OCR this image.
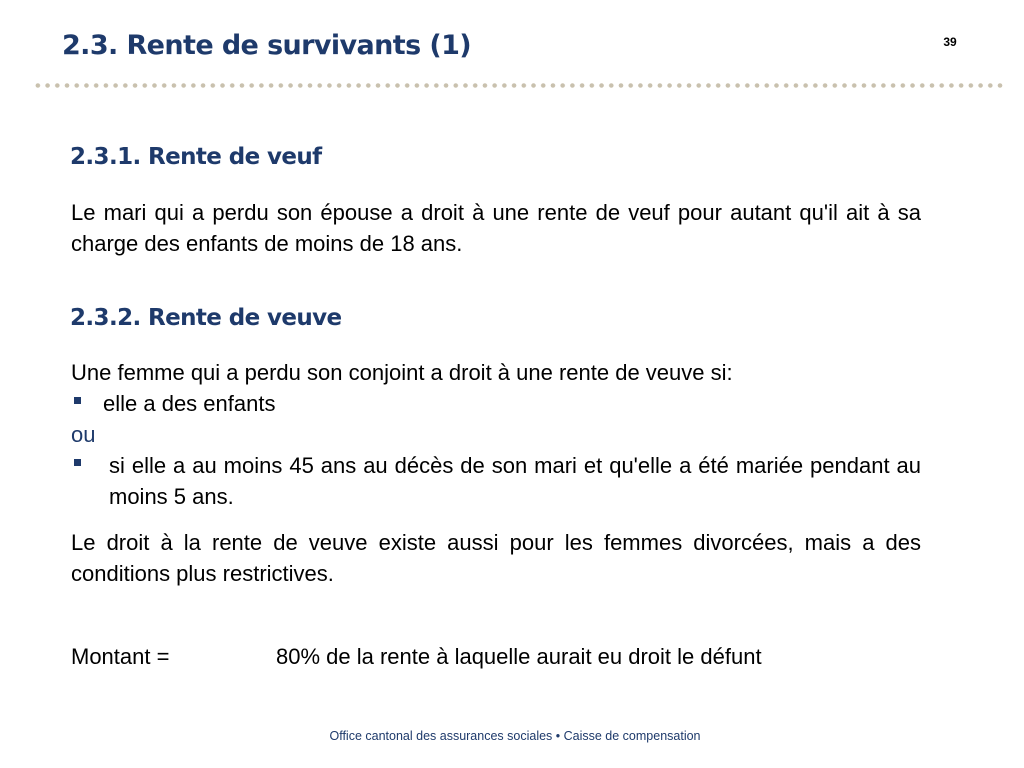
2.3. Rente de survivants (1)	39
2.3.1. Rente de veuf
Le mari qui a perdu son épouse a droit à une rente de veuf pour autant qu'il ait à sa charge des enfants de moins de 18 ans.
2.3.2. Rente de veuve
Une femme qui a perdu son conjoint a droit à une rente de veuve si:
elle a des enfants
ou
si elle a au moins 45 ans au décès de son mari et qu'elle a été mariée pendant au moins 5 ans.
Le droit à la rente de veuve existe aussi pour les femmes divorcées, mais a des conditions plus restrictives.
Montant =	80% de la rente à laquelle aurait eu droit le défunt
Office cantonal des assurances sociales • Caisse de compensation
